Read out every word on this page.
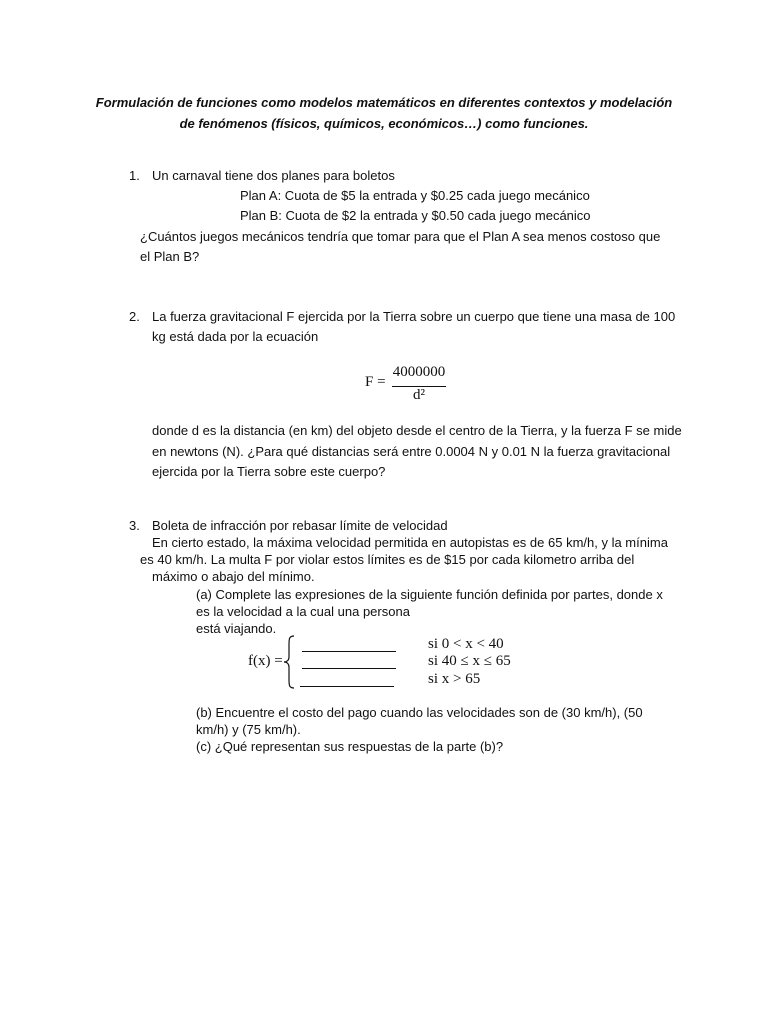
Formulación de funciones como modelos matemáticos en diferentes contextos y modelación de fenómenos (físicos, químicos, económicos…) como funciones.
1. Un carnaval tiene dos planes para boletos
Plan A: Cuota de $5 la entrada y $0.25 cada juego mecánico
Plan B: Cuota de $2 la entrada y $0.50 cada juego mecánico
¿Cuántos juegos mecánicos tendría que tomar para que el Plan A sea menos costoso que
el Plan B?
2. La fuerza gravitacional F ejercida por la Tierra sobre un cuerpo que tiene una masa de 100
kg está dada por la ecuación
F =
4000000
d²
donde d es la distancia (en km) del objeto desde el centro de la Tierra, y la fuerza F se mide
en newtons (N). ¿Para qué distancias será entre 0.0004 N y 0.01 N la fuerza gravitacional
ejercida por la Tierra sobre este cuerpo?
3. Boleta de infracción por rebasar límite de velocidad
En cierto estado, la máxima velocidad permitida en autopistas es de 65 km/h, y la mínima
es 40 km/h. La multa F por violar estos límites es de $15 por cada kilometro arriba del
máximo o abajo del mínimo.
(a) Complete las expresiones de la siguiente función definida por partes, donde x
es la velocidad a la cual una persona
está viajando.
f(x) =
si 0 < x < 40
si 40 ≤ x ≤ 65
si x > 65
(b) Encuentre el costo del pago cuando las velocidades son de (30 km/h), (50
km/h) y (75 km/h).
(c) ¿Qué representan sus respuestas de la parte (b)?
